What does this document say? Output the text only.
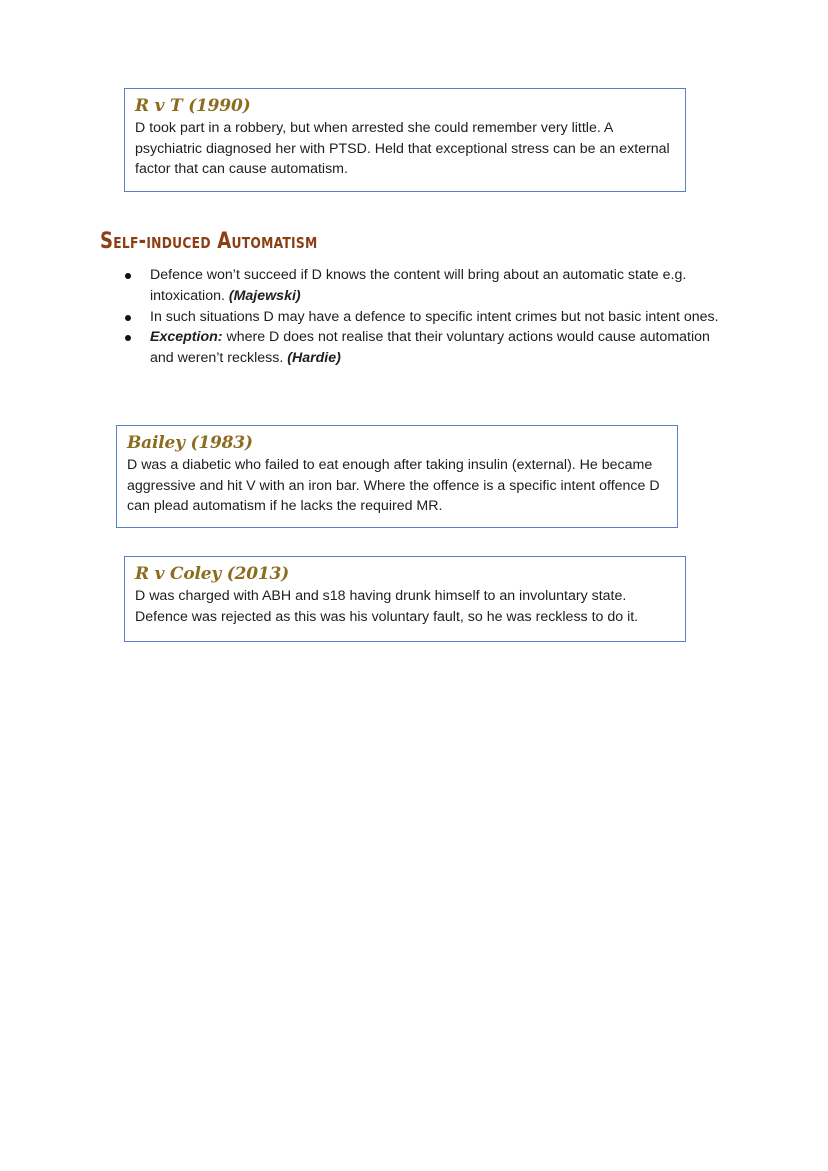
R v T (1990)

D took part in a robbery, but when arrested she could remember very little. A psychiatric diagnosed her with PTSD. Held that exceptional stress can be an external factor that can cause automatism.

Self-induced Automatism
Defence won’t succeed if D knows the content will bring about an automatic state e.g. intoxication. (Majewski)
In such situations D may have a defence to specific intent crimes but not basic intent ones.
Exception: where D does not realise that their voluntary actions would cause automation and weren’t reckless. (Hardie)

Bailey (1983)

D was a diabetic who failed to eat enough after taking insulin (external). He became aggressive and hit V with an iron bar. Where the offence is a specific intent offence D can plead automatism if he lacks the required MR.

R v Coley (2013)

D was charged with ABH and s18 having drunk himself to an involuntary state. Defence was rejected as this was his voluntary fault, so he was reckless to do it.
